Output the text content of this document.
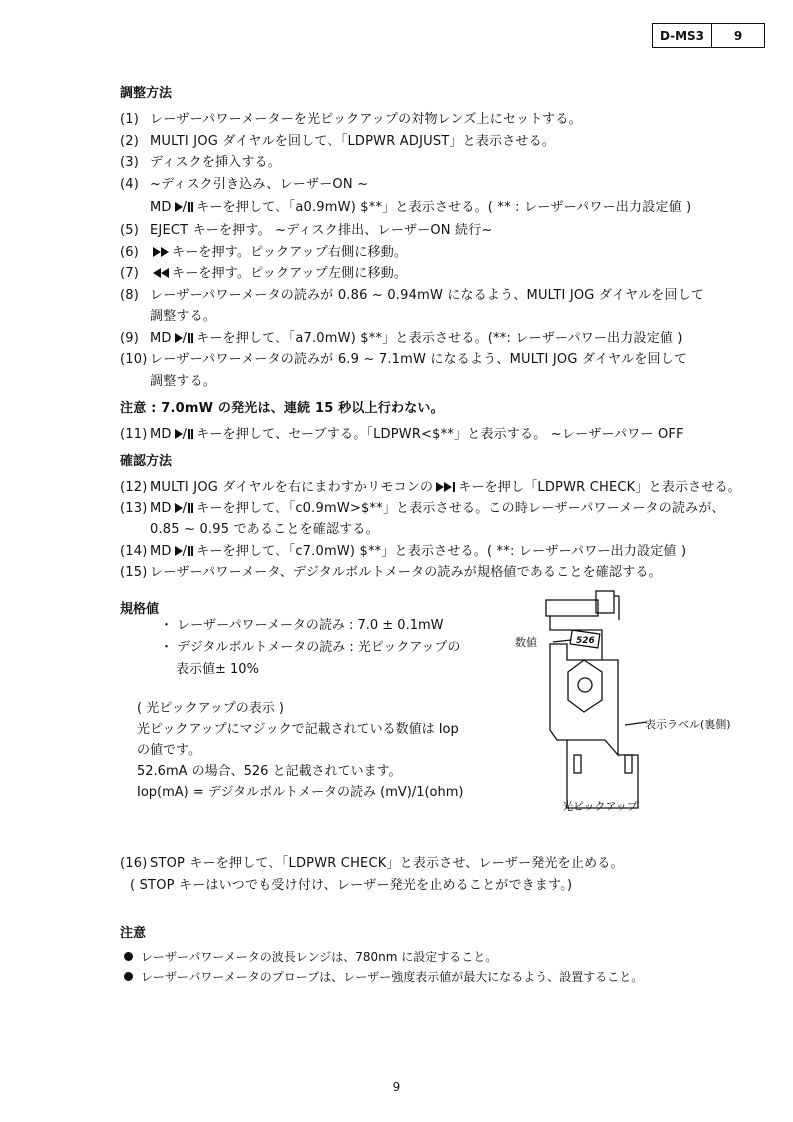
D-MS3	9
調整方法
(1) レーザーパワーメーターを光ピックアップの対物レンズ上にセットする。
(2) MULTI JOG ダイヤルを回して､「LDPWR ADJUST」と表示させる。
(3) ディスクを挿入する。
(4) ~ディスク引き込み、レーザーON ~
MD / キーを押して､「a0.9mW) $**」と表示させる。( ** : レーザーパワー出力設定値 )
(5) EJECT キーを押す。 ~ディスク排出、レーザーON 続行~
(6)	キーを押す。ピックアップ右側に移動。
(7)	キーを押す。ピックアップ左側に移動。
(8) レーザーパワーメータの読みが 0.86 ~ 0.94mW になるよう、MULTI JOG ダイヤルを回して
調整する。
(9) MD / キーを押して､「a7.0mW) $**」と表示させる。(**: レーザーパワー出力設定値 )
(10) レーザーパワーメータの読みが 6.9 ~ 7.1mW になるよう、MULTI JOG ダイヤルを回して
調整する。
注意 : 7.0mW の発光は、連続 15 秒以上行わない。
(11) MD / キーを押して、セーブする。「LDPWR<$**」と表示する。 ~レーザーパワー OFF
確認方法
(12) MULTI JOG ダイヤルを右にまわすかリモコンの キーを押し「LDPWR CHECK」と表示させる。
(13) MD / キーを押して､「c0.9mW>$**」と表示させる。この時レーザーパワーメータの読みが、
0.85 ~ 0.95 であることを確認する。
(14) MD / キーを押して､「c7.0mW) $**」と表示させる。( **: レーザーパワー出力設定値 )
(15) レーザーパワーメータ、デジタルボルトメータの読みが規格値であることを確認する。
規格値
・ レーザーパワーメータの読み : 7.0 ± 0.1mW
・ デジタルボルトメータの読み : 光ピックアップの
表示値± 10%
( 光ピックアップの表示 )
光ピックアップにマジックで記載されている数値は Iop
の値です。
52.6mA の場合、526 と記載されています。
Iop(mA) = デジタルボルトメータの読み (mV)/1(ohm)
526
数値
表示ラベル(裏側)
光ピックアップ
(16) STOP キーを押して､「LDPWR CHECK」と表示させ、レーザー発光を止める。
( STOP キーはいつでも受け付け、レーザー発光を止めることができます。)
注意
レーザーパワーメータの波長レンジは、780nm に設定すること。
レーザーパワーメータのプローブは、レーザー強度表示値が最大になるよう、設置すること。
9
